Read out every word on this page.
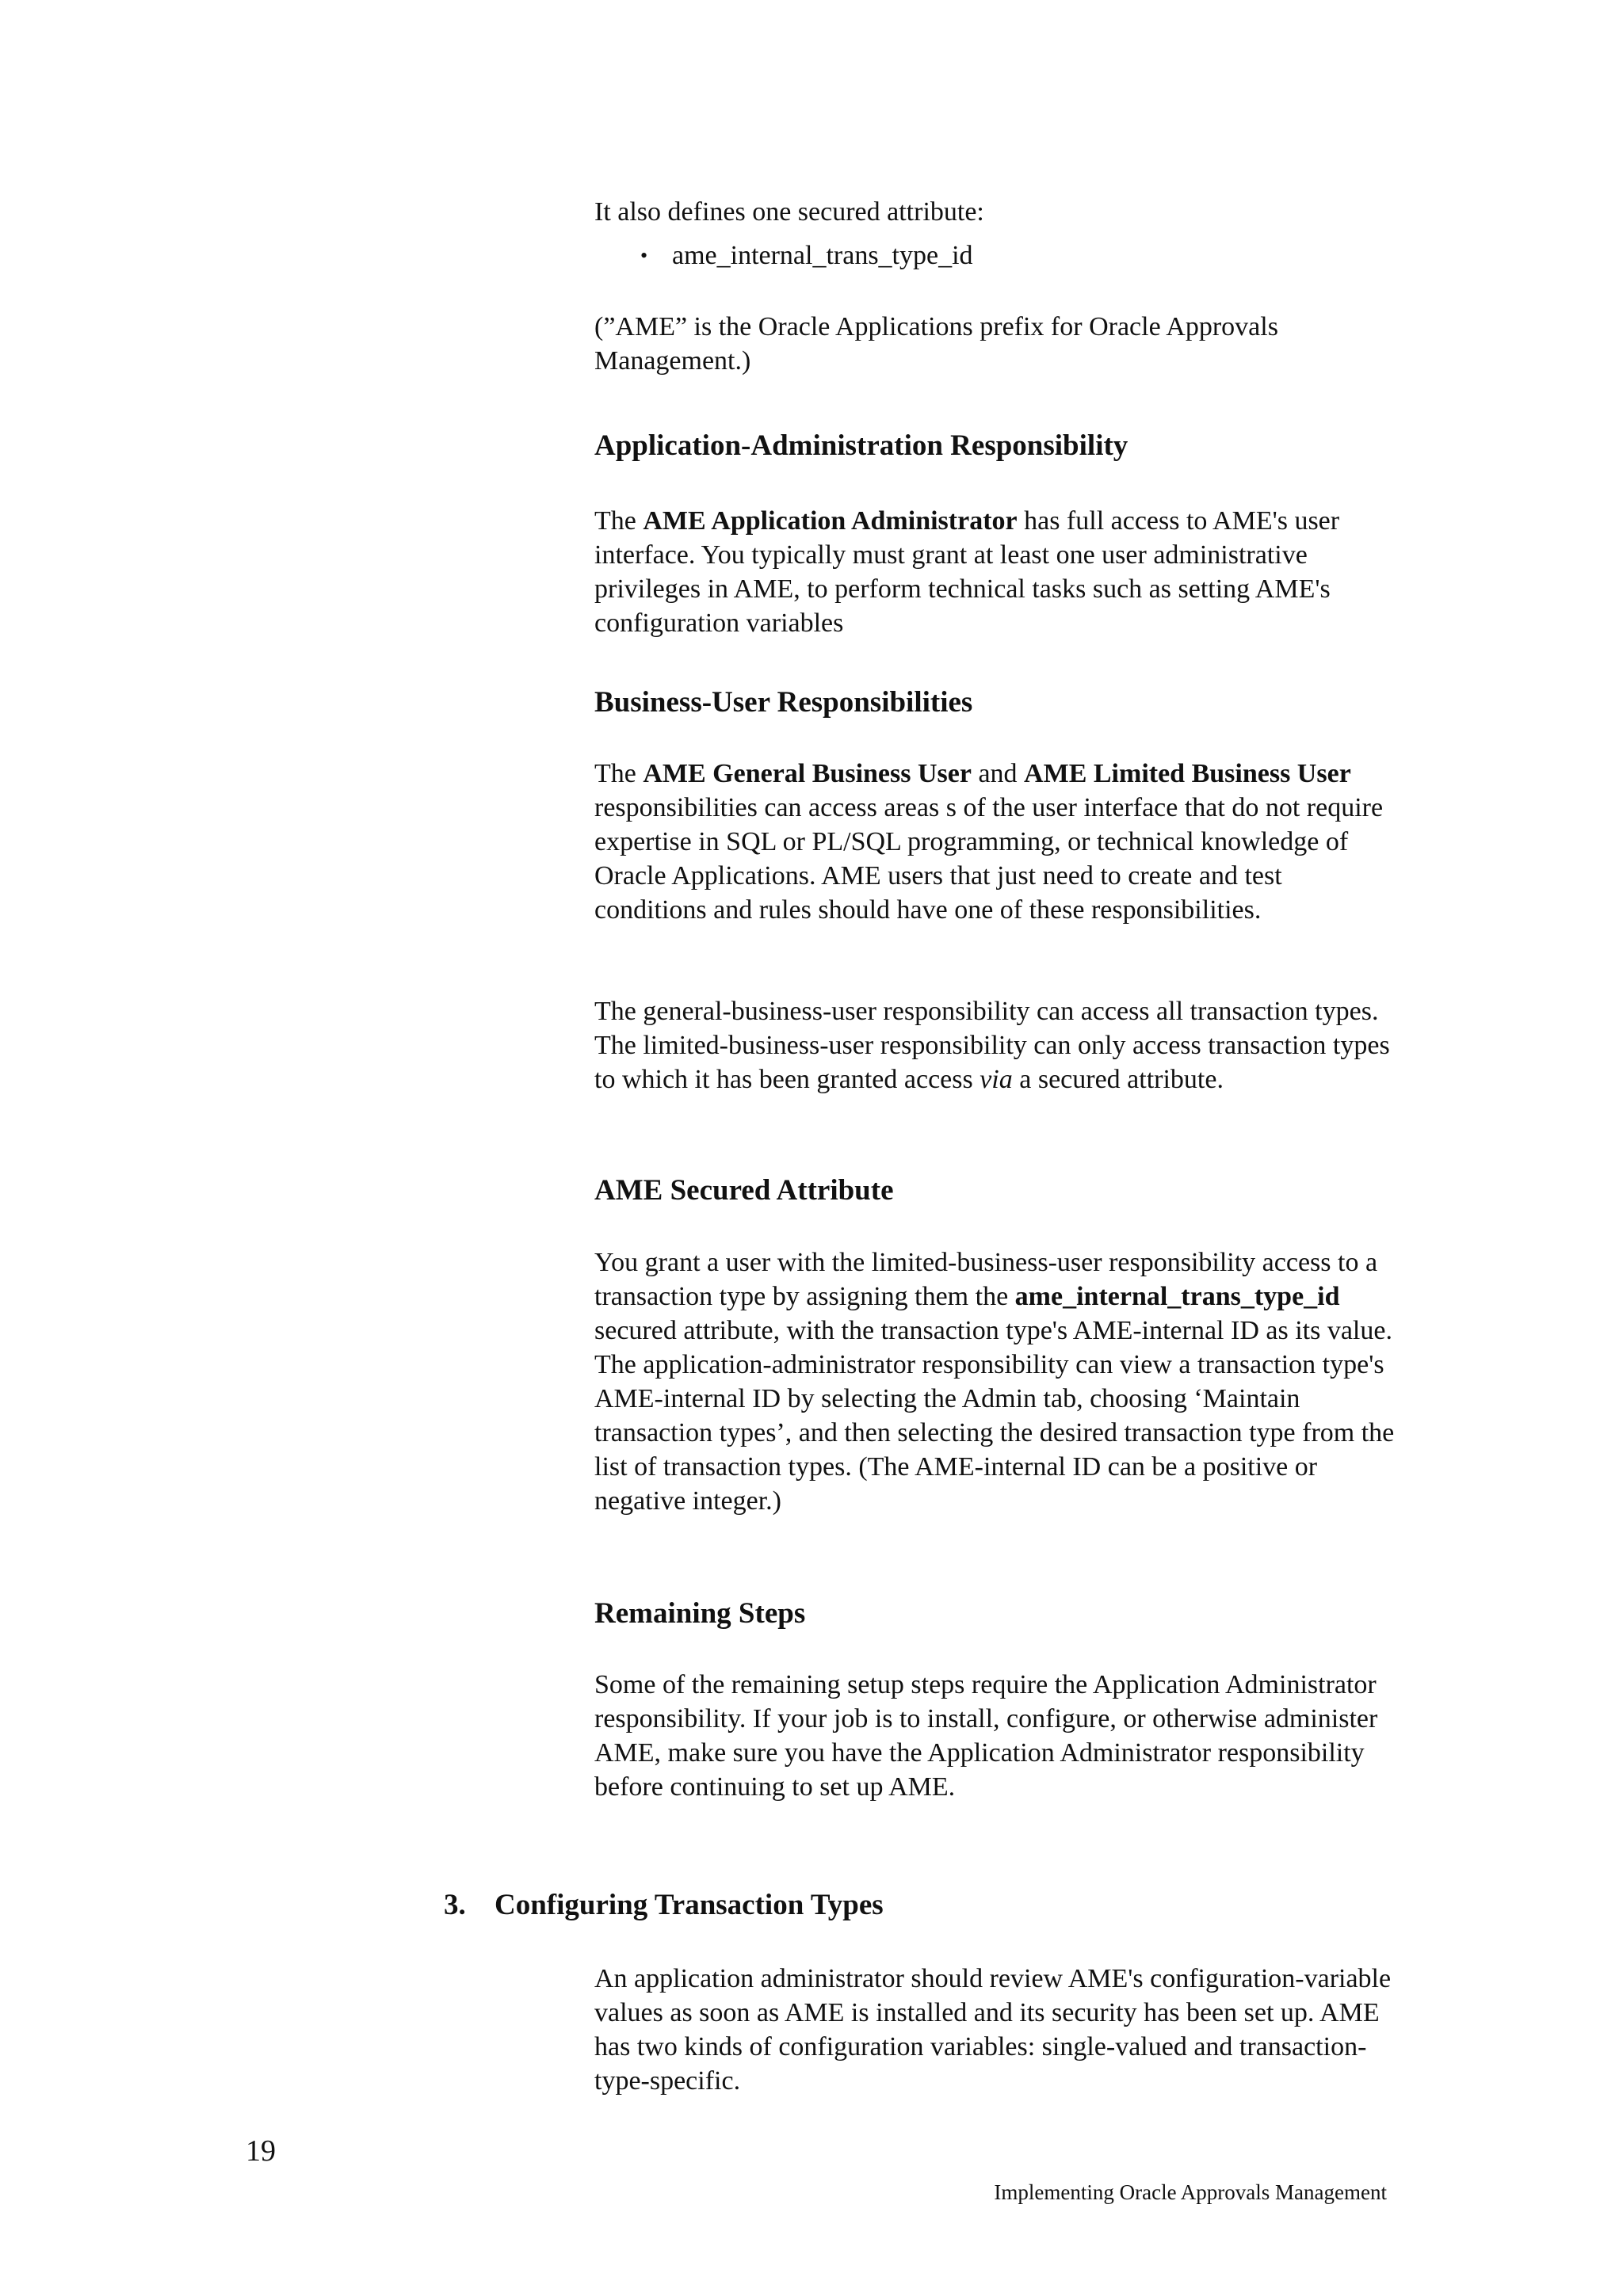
It also defines one secured attribute:

• ame_internal_trans_type_id

(”AME” is the Oracle Applications prefix for Oracle Approvals Management.)

Application-Administration Responsibility

The AME Application Administrator has full access to AME's user interface. You typically must grant at least one user administrative privileges in AME, to perform technical tasks such as setting AME's configuration variables

Business-User Responsibilities

The AME General Business User and AME Limited Business User responsibilities can access areas s of the user interface that do not require expertise in SQL or PL/SQL programming, or technical knowledge of Oracle Applications. AME users that just need to create and test conditions and rules should have one of these responsibilities.

The general-business-user responsibility can access all transaction types. The limited-business-user responsibility can only access transaction types to which it has been granted access via a secured attribute.

AME Secured Attribute

You grant a user with the limited-business-user responsibility access to a transaction type by assigning them the ame_internal_trans_type_id secured attribute, with the transaction type's AME-internal ID as its value. The application-administrator responsibility can view a transaction type's AME-internal ID by selecting the Admin tab, choosing ‘Maintain transaction types’, and then selecting the desired transaction type from the list of transaction types. (The AME-internal ID can be a positive or negative integer.)

Remaining Steps

Some of the remaining setup steps require the Application Administrator responsibility. If your job is to install, configure, or otherwise administer AME, make sure you have the Application Administrator responsibility before continuing to set up AME.

3. Configuring Transaction Types

An application administrator should review AME's configuration-variable values as soon as AME is installed and its security has been set up. AME has two kinds of configuration variables: single-valued and transaction-type-specific.

19
Implementing Oracle Approvals Management
